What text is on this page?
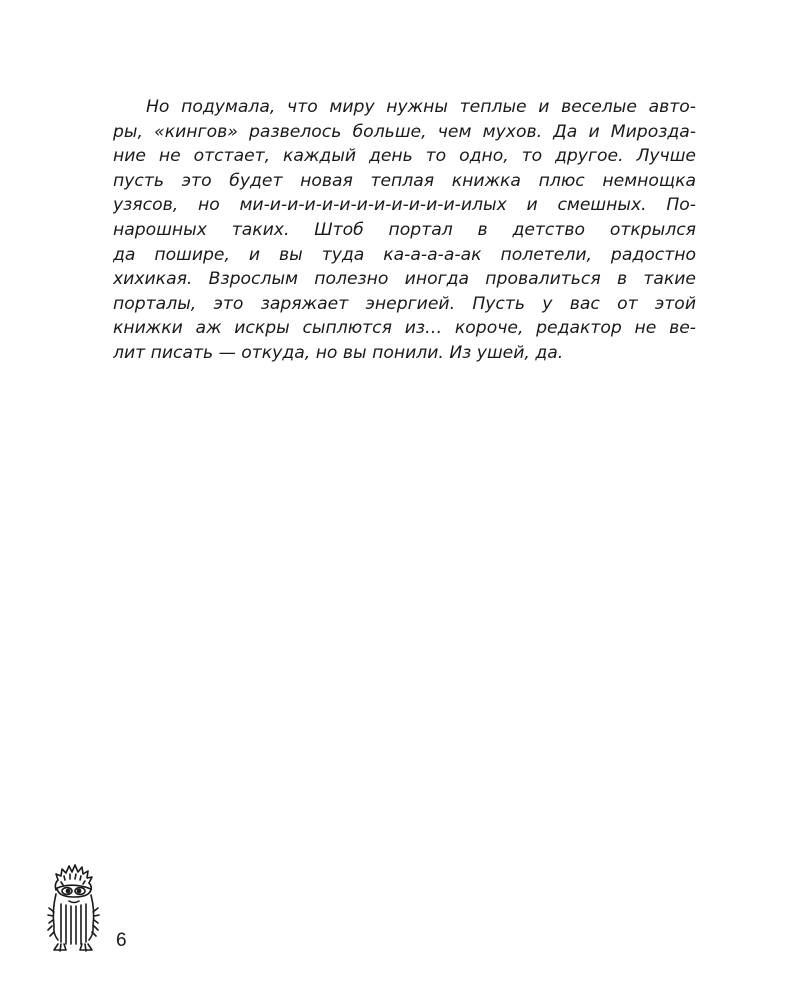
Но подумала, что миру нужны теплые и веселые авто-
ры, «кингов» развелось больше, чем мухов. Да и Мирозда-
ние не отстает, каждый день то одно, то другое. Лучше
пусть это будет новая теплая книжка плюс немнощка
узясов, но ми-и-и-и-и-и-и-и-и-и-и-и-илых и смешных. По-
нарошных таких. Штоб портал в детство открылся
да пошире, и вы туда ка-а-а-а-ак полетели, радостно
хихикая. Взрослым полезно иногда провалиться в такие
порталы, это заряжает энергией. Пусть у вас от этой
книжки аж искры сыплются из… короче, редактор не ве-
лит писать — откуда, но вы понили. Из ушей, да.
6
